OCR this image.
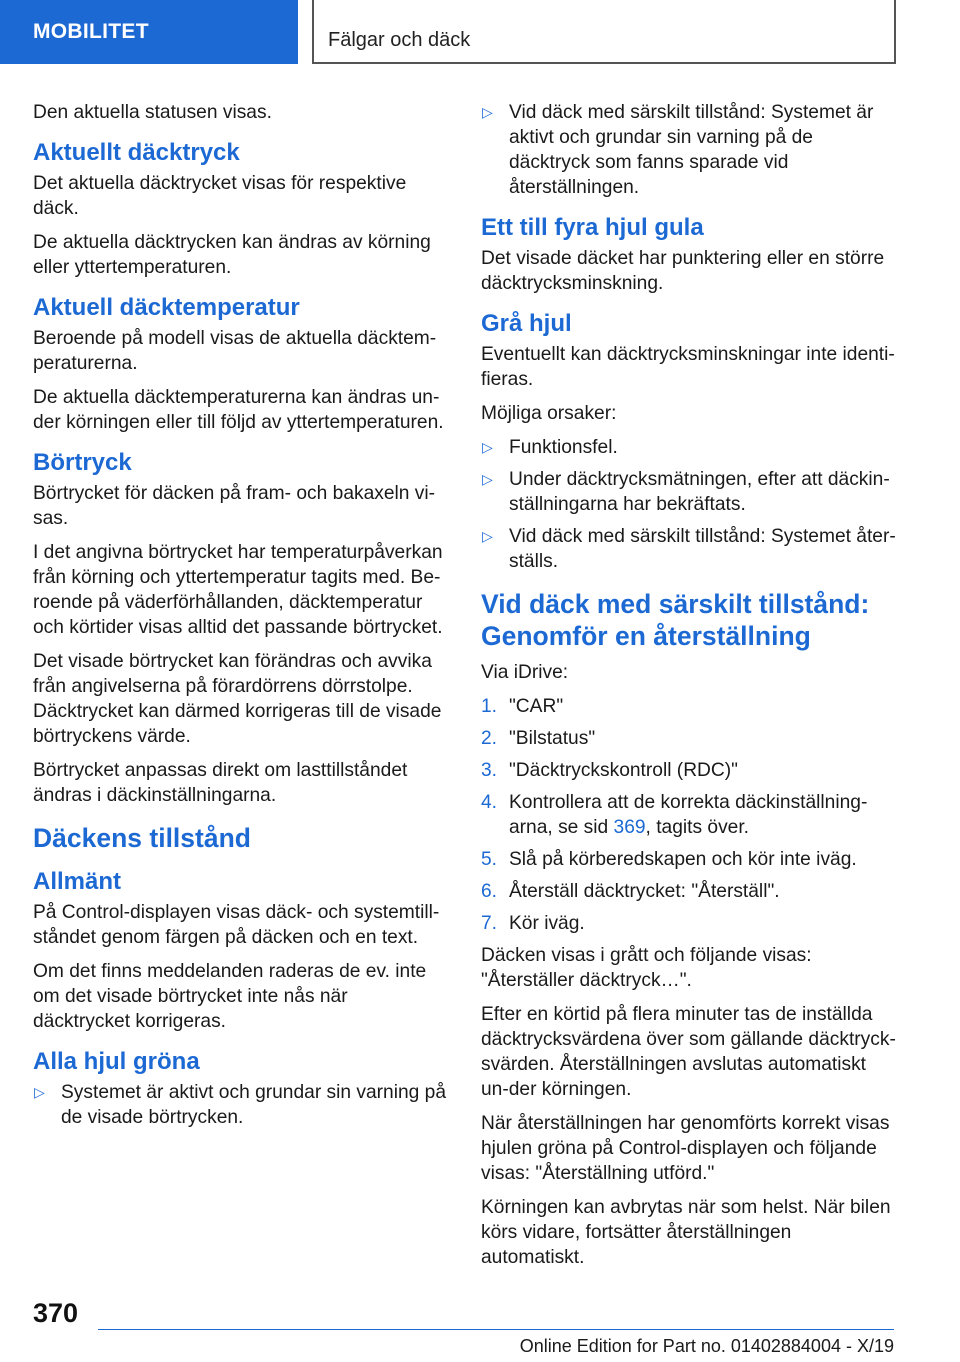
MOBILITET	Fälgar och däck

Den aktuella statusen visas.

Aktuellt däcktryck

Det aktuella däcktrycket visas för respektive däck.

De aktuella däcktrycken kan ändras av körning eller yttertemperaturen.

Aktuell däcktemperatur

Beroende på modell visas de aktuella däcktem‐peraturerna.

De aktuella däcktemperaturerna kan ändras un‐der körningen eller till följd av yttertemperaturen.

Börtryck

Börtrycket för däcken på fram- och bakaxeln vi‐sas.

I det angivna börtrycket har temperaturpåverkan från körning och yttertemperatur tagits med. Be‐roende på väderförhållanden, däcktemperatur och körtider visas alltid det passande börtrycket.

Det visade börtrycket kan förändras och avvika från angivelserna på förardörrens dörrstolpe. Däcktrycket kan därmed korrigeras till de visade börtryckens värde.

Börtrycket anpassas direkt om lasttillståndet ändras i däckinställningarna.

Däckens tillstånd
Allmänt

På Control-displayen visas däck- och systemtill‐ståndet genom färgen på däcken och en text.

Om det finns meddelanden raderas de ev. inte om det visade börtrycket inte nås när däcktrycket korrigeras.

Alla hjul gröna
▷ Systemet är aktivt och grundar sin varning på de visade börtrycken.
▷ Vid däck med särskilt tillstånd: Systemet är aktivt och grundar sin varning på de däcktryck som fanns sparade vid återställningen.
Ett till fyra hjul gula

Det visade däcket har punktering eller en större däcktrycksminskning.

Grå hjul

Eventuellt kan däcktrycksminskningar inte identi‐fieras.

Möjliga orsaker:

▷ Funktionsfel.
▷ Under däcktrycksmätningen, efter att däckin‐ställningarna har bekräftats.
▷ Vid däck med särskilt tillstånd: Systemet åter‐ställs.
Vid däck med särskilt tillstånd: Genomför en återställning

Via iDrive:

1. "CAR"
2. "Bilstatus"
3. "Däcktryckskontroll (RDC)"
4. Kontrollera att de korrekta däckinställning‐arna, se sid 369, tagits över.
5. Slå på körberedskapen och kör inte iväg.
6. Återställ däcktrycket: "Återställ".
7. Kör iväg.

Däcken visas i grått och följande visas: "Återställer däcktryck…".

Efter en körtid på flera minuter tas de inställda däcktrycksvärdena över som gällande däcktryck‐svärden. Återställningen avslutas automatiskt un‐der körningen.

När återställningen har genomförts korrekt visas hjulen gröna på Control-displayen och följande visas: "Återställning utförd."

Körningen kan avbrytas när som helst. När bilen körs vidare, fortsätter återställningen automatiskt.

370
Online Edition for Part no. 01402884004 - X/19
